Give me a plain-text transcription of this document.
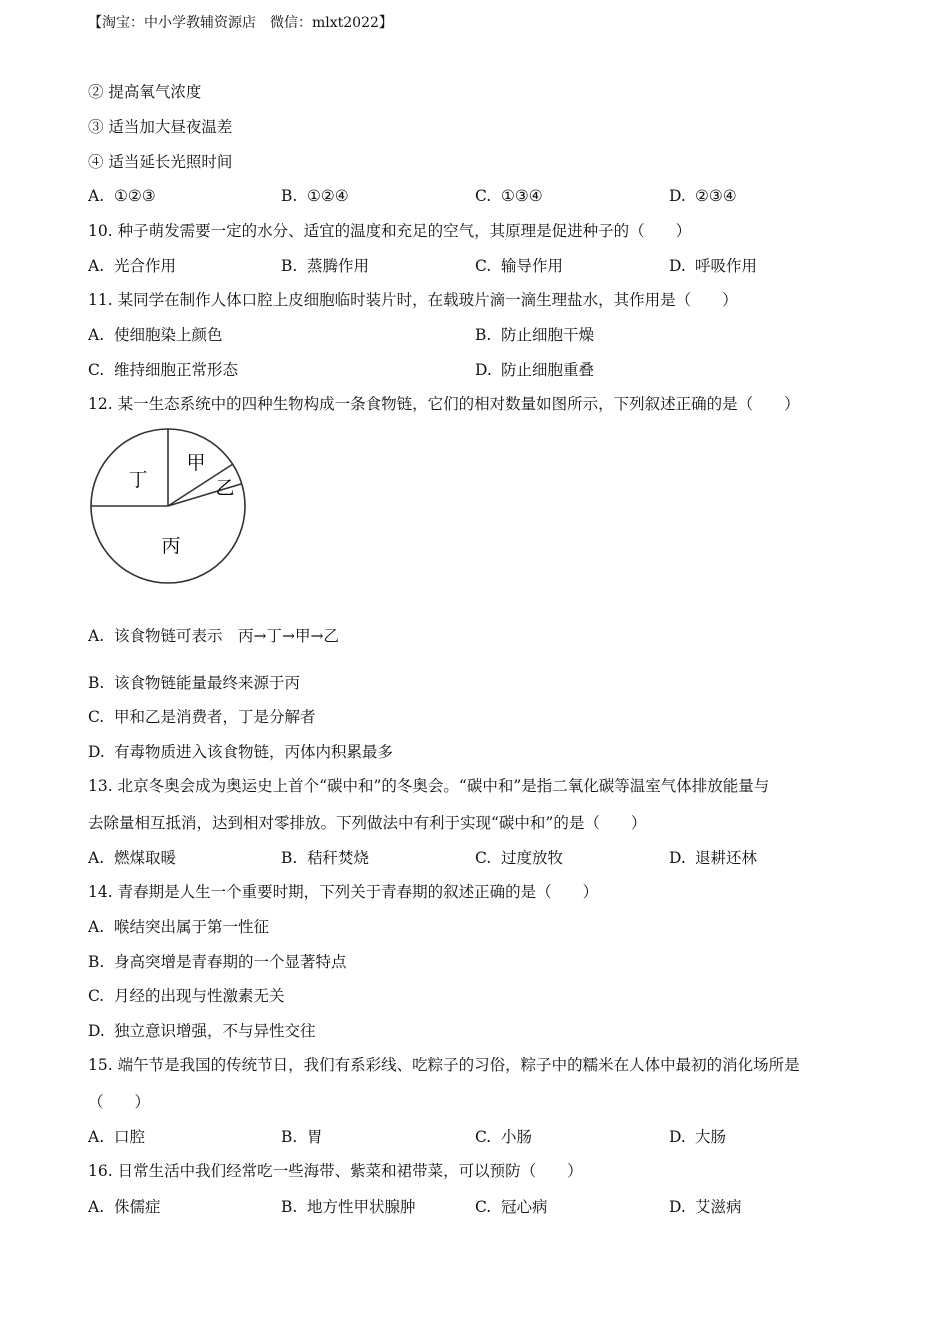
【淘宝：中小学教辅资源店　微信：mlxt2022】
② 提高氧气浓度
③ 适当加大昼夜温差
④ 适当延长光照时间
A. ①②③	B. ①②④	C. ①③④	D. ②③④
10. 种子萌发需要一定的水分、适宜的温度和充足的空气，其原理是促进种子的（　　）
A. 光合作用	B. 蒸腾作用	C. 输导作用	D. 呼吸作用
11. 某同学在制作人体口腔上皮细胞临时装片时，在载玻片滴一滴生理盐水，其作用是（　　）
A. 使细胞染上颜色	B. 防止细胞干燥
C. 维持细胞正常形态	D. 防止细胞重叠
12. 某一生态系统中的四种生物构成一条食物链，它们的相对数量如图所示，下列叙述正确的是（　　）
丁
甲
乙
丙
A. 该食物链可表示　丙→丁→甲→乙
B. 该食物链能量最终来源于丙
C. 甲和乙是消费者，丁是分解者
D. 有毒物质进入该食物链，丙体内积累最多
13. 北京冬奥会成为奥运史上首个“碳中和”的冬奥会。“碳中和”是指二氧化碳等温室气体排放能量与
去除量相互抵消，达到相对零排放。下列做法中有利于实现“碳中和”的是（　　）
A. 燃煤取暖	B. 秸秆焚烧	C. 过度放牧	D. 退耕还林
14. 青春期是人生一个重要时期，下列关于青春期的叙述正确的是（　　）
A. 喉结突出属于第一性征
B. 身高突增是青春期的一个显著特点
C. 月经的出现与性激素无关
D. 独立意识增强，不与异性交往
15. 端午节是我国的传统节日，我们有系彩线、吃粽子的习俗，粽子中的糯米在人体中最初的消化场所是
（　　）
A. 口腔	B. 胃	C. 小肠	D. 大肠
16. 日常生活中我们经常吃一些海带、紫菜和裙带菜，可以预防（　　）
A. 侏儒症	B. 地方性甲状腺肿	C. 冠心病	D. 艾滋病
